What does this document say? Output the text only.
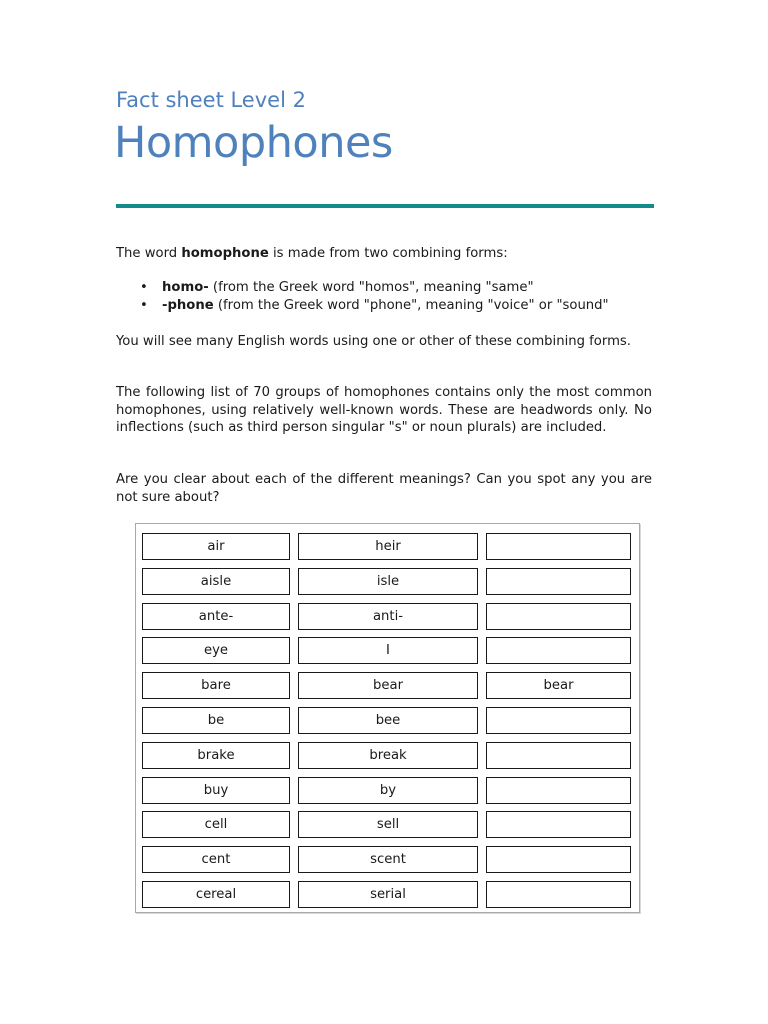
Fact sheet Level 2
Homophones
The word homophone is made from two combining forms:
• homo- (from the Greek word "homos", meaning "same"
• -phone (from the Greek word "phone", meaning "voice" or "sound"
You will see many English words using one or other of these combining forms.
The following list of 70 groups of homophones contains only the most common homophones, using relatively well-known words. These are headwords only. No inflections (such as third person singular "s" or noun plurals) are included.
Are you clear about each of the different meanings? Can you spot any you are not sure about?
air	heir
aisle	isle
ante-	anti-
eye	I
bare	bear	bear
be	bee
brake	break
buy	by
cell	sell
cent	scent
cereal	serial
